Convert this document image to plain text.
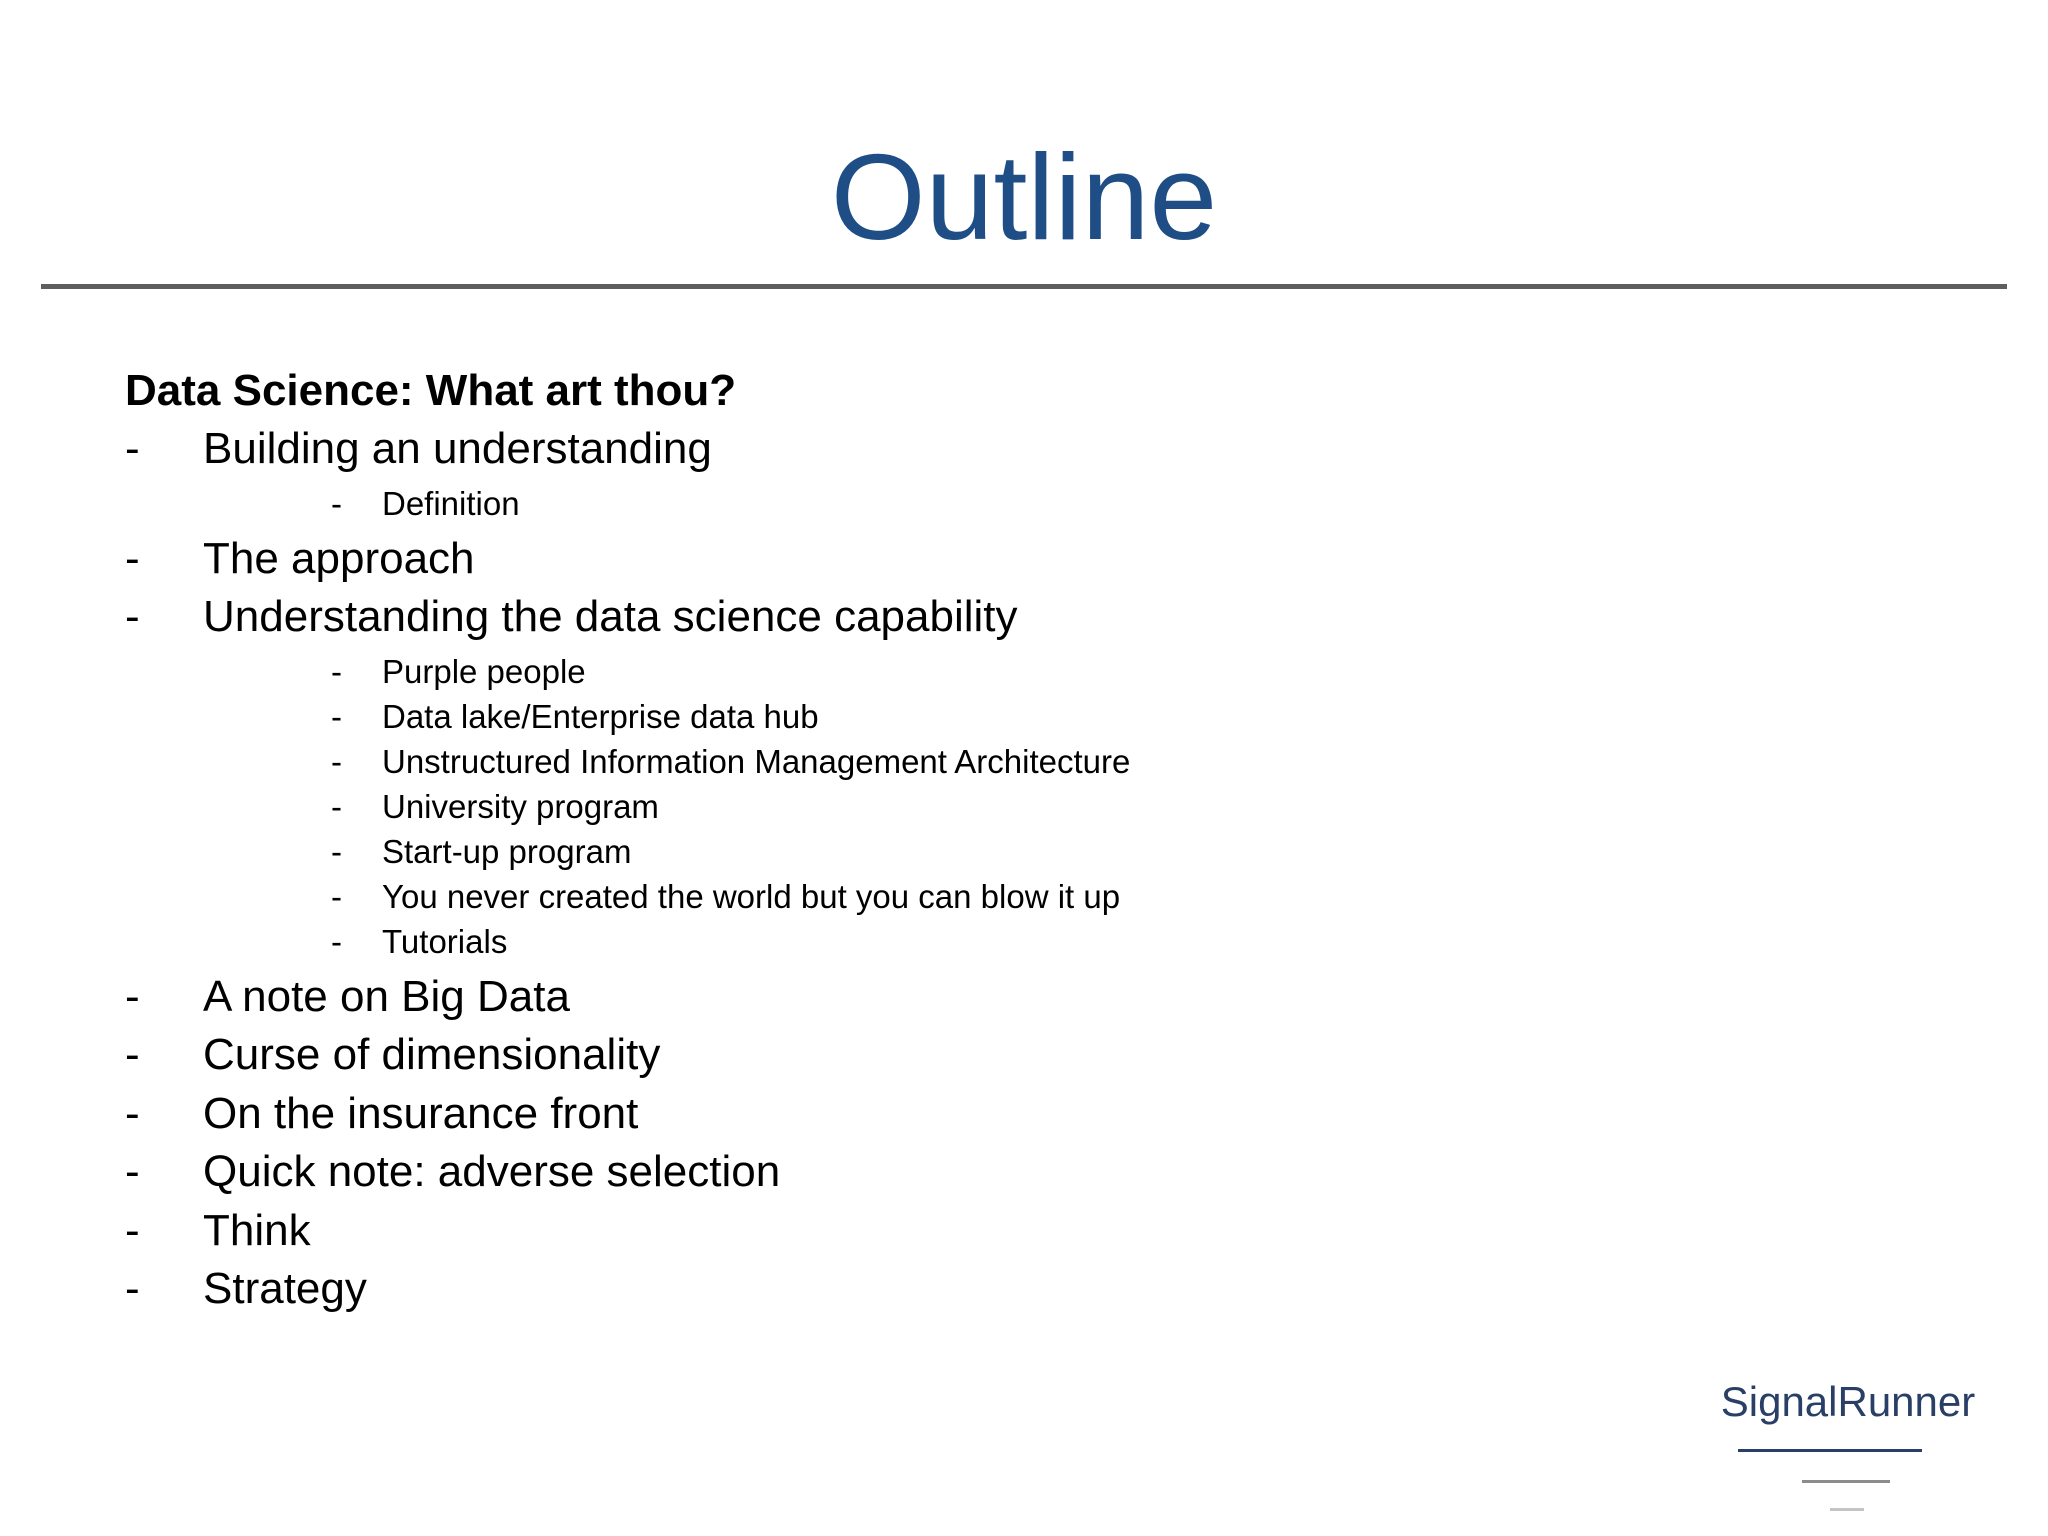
Outline
Data Science: What art thou?
- Building an understanding
- Definition
- The approach
- Understanding the data science capability
- Purple people
- Data lake/Enterprise data hub
- Unstructured Information Management Architecture
- University program
- Start-up program
- You never created the world but you can blow it up
- Tutorials
- A note on Big Data
- Curse of dimensionality
- On the insurance front
- Quick note: adverse selection
- Think
- Strategy
SignalRunner
